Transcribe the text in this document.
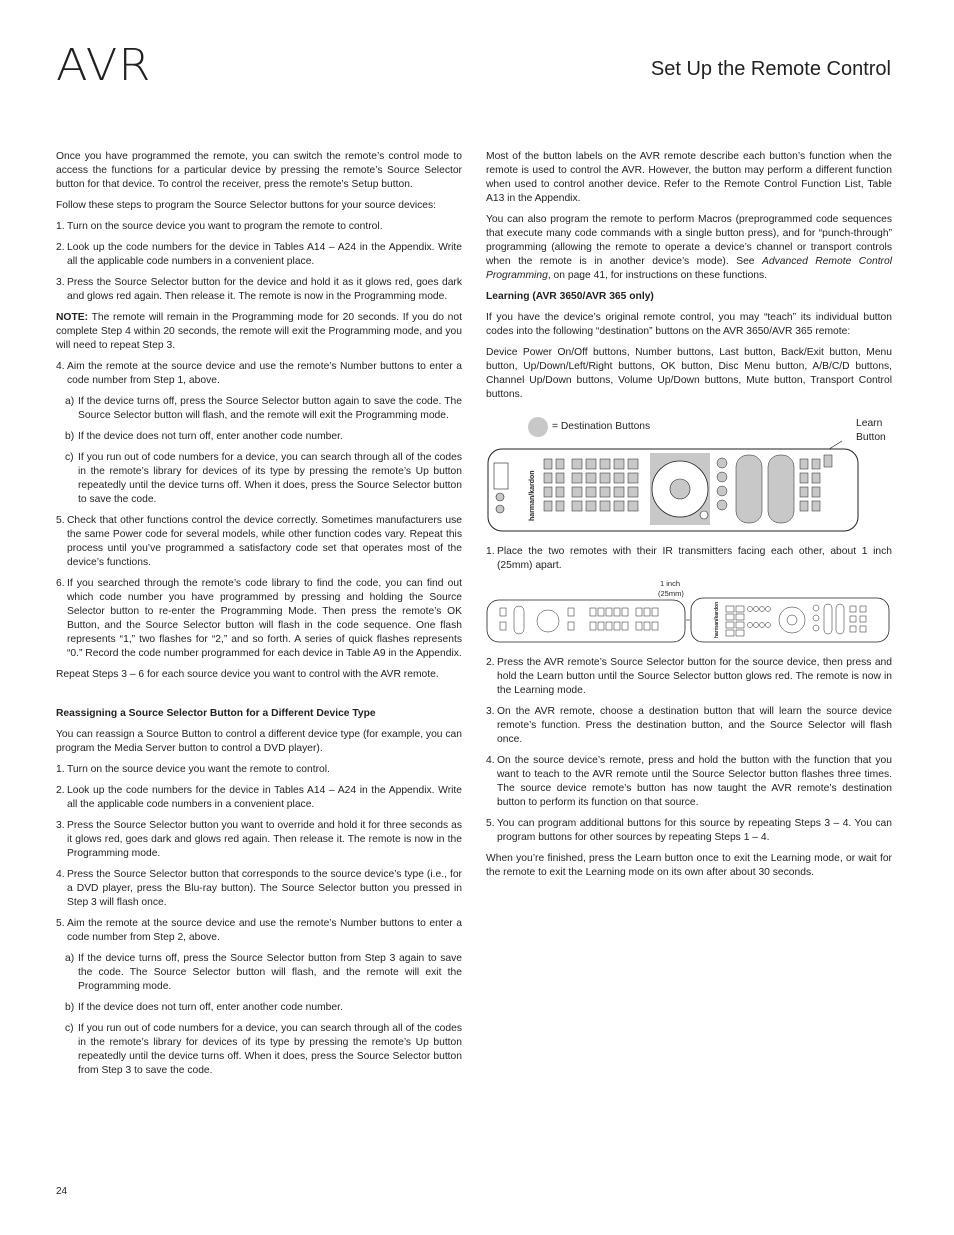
AVR	Set Up the Remote Control

Once you have programmed the remote, you can switch the remote’s control mode to access the functions for a particular device by pressing the remote’s Source Selector button for that device. To control the receiver, press the remote’s Setup button.

Follow these steps to program the Source Selector buttons for your source devices:

1. Turn on the source device you want to program the remote to control.
2. Look up the code numbers for the device in Tables A14 – A24 in the Appendix. Write all the applicable code numbers in a convenient place.
3. Press the Source Selector button for the device and hold it as it glows red, goes dark and glows red again. Then release it. The remote is now in the Programming mode.

NOTE: The remote will remain in the Programming mode for 20 seconds. If you do not complete Step 4 within 20 seconds, the remote will exit the Programming mode, and you will need to repeat Step 3.

4. Aim the remote at the source device and use the remote’s Number buttons to enter a code number from Step 1, above.
a) If the device turns off, press the Source Selector button again to save the code. The Source Selector button will flash, and the remote will exit the Programming mode.
b) If the device does not turn off, enter another code number.
c) If you run out of code numbers for a device, you can search through all of the codes in the remote’s library for devices of its type by pressing the remote’s Up button repeatedly until the device turns off. When it does, press the Source Selector button to save the code.
5. Check that other functions control the device correctly. Sometimes manufacturers use the same Power code for several models, while other function codes vary. Repeat this process until you’ve programmed a satisfactory code set that operates most of the device’s functions.
6. If you searched through the remote’s code library to find the code, you can find out which code number you have programmed by pressing and holding the Source Selector button to re-enter the Programming Mode. Then press the remote’s OK Button, and the Source Selector button will flash in the code sequence. One flash represents “1,” two flashes for “2,” and so forth. A series of quick flashes represents “0.” Record the code number programmed for each device in Table A9 in the Appendix.

Repeat Steps 3 – 6 for each source device you want to control with the AVR remote.

Reassigning a Source Selector Button for a Different Device Type

You can reassign a Source Button to control a different device type (for example, you can program the Media Server button to control a DVD player).

1. Turn on the source device you want the remote to control.
2. Look up the code numbers for the device in Tables A14 – A24 in the Appendix. Write all the applicable code numbers in a convenient place.
3. Press the Source Selector button you want to override and hold it for three seconds as it glows red, goes dark and glows red again. Then release it. The remote is now in the Programming mode.
4. Press the Source Selector button that corresponds to the source device’s type (i.e., for a DVD player, press the Blu-ray button). The Source Selector button you pressed in Step 3 will flash once.
5. Aim the remote at the source device and use the remote’s Number buttons to enter a code number from Step 2, above.
a) If the device turns off, press the Source Selector button from Step 3 again to save the code. The Source Selector button will flash, and the remote will exit the Programming mode.
b) If the device does not turn off, enter another code number.
c) If you run out of code numbers for a device, you can search through all of the codes in the remote’s library for devices of its type by pressing the remote’s Up button repeatedly until the device turns off. When it does, press the Source Selector button from Step 3 to save the code.

Most of the button labels on the AVR remote describe each button’s function when the remote is used to control the AVR. However, the button may perform a different function when used to control another device. Refer to the Remote Control Function List, Table A13 in the Appendix.

You can also program the remote to perform Macros (preprogrammed code sequences that execute many code commands with a single button press), and for “punch-through” programming (allowing the remote to operate a device’s channel or transport controls when the remote is in another device’s mode). See Advanced Remote Control Programming, on page 41, for instructions on these functions.

Learning (AVR 3650/AVR 365 only)

If you have the device’s original remote control, you may “teach” its individual button codes into the following “destination” buttons on the AVR 3650/AVR 365 remote:

Device Power On/Off buttons, Number buttons, Last button, Back/Exit button, Menu button, Up/Down/Left/Right buttons, OK button, Disc Menu button, A/B/C/D buttons, Channel Up/Down buttons, Volume Up/Down buttons, Mute button, Transport Control buttons.

= Destination Buttons	Learn Button
harman/kardon
1. Place the two remotes with their IR transmitters facing each other, about 1 inch (25mm) apart.
1 inch
(25mm)
harman/kardon
2. Press the AVR remote’s Source Selector button for the source device, then press and hold the Learn button until the Source Selector button glows red. The remote is now in the Learning mode.
3. On the AVR remote, choose a destination button that will learn the source device remote’s function. Press the destination button, and the Source Selector will flash once.
4. On the source device’s remote, press and hold the button with the function that you want to teach to the AVR remote until the Source Selector button flashes three times. The source device remote’s button has now taught the AVR remote’s destination button to perform its function on that source.
5. You can program additional buttons for this source by repeating Steps 3 – 4. You can program buttons for other sources by repeating Steps 1 – 4.

When you’re finished, press the Learn button once to exit the Learning mode, or wait for the remote to exit the Learning mode on its own after about 30 seconds.

24
